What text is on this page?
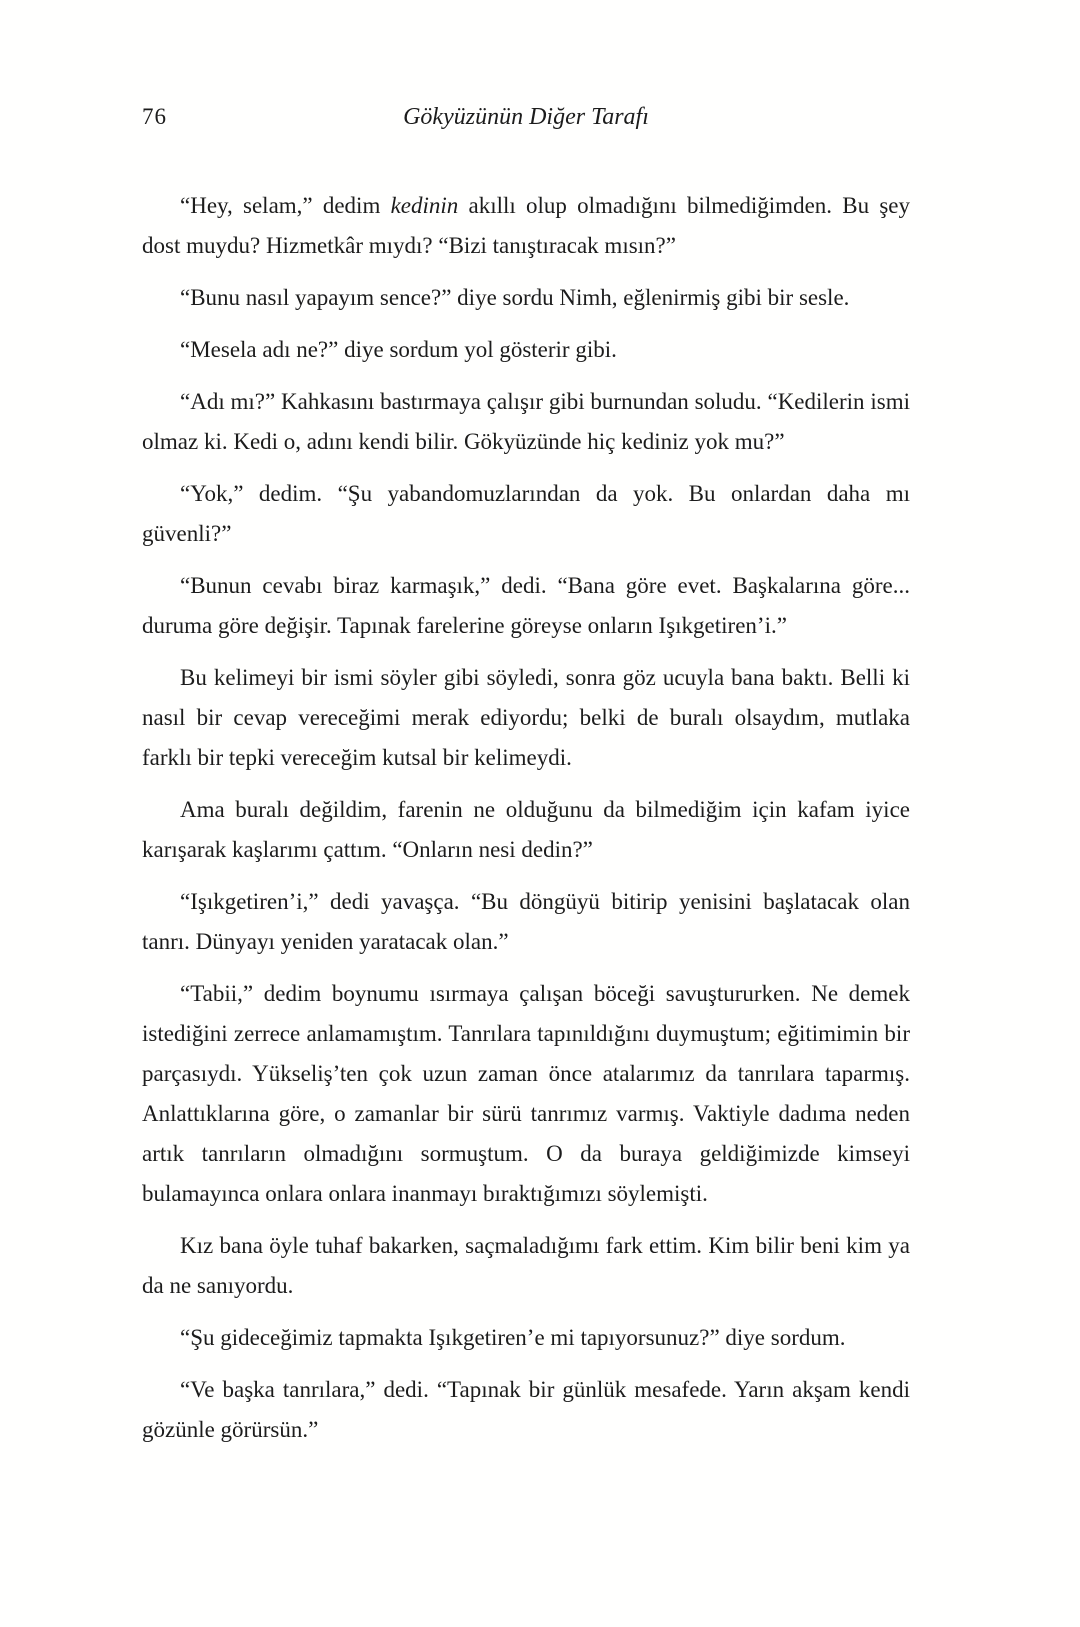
76	Gökyüzünün Diğer Tarafı

“Hey, selam,” dedim kedinin akıllı olup olmadığını bilmediğimden. Bu şey dost muydu? Hizmetkâr mıydı? “Bizi tanıştıracak mısın?”

“Bunu nasıl yapayım sence?” diye sordu Nimh, eğlenirmiş gibi bir sesle.

“Mesela adı ne?” diye sordum yol gösterir gibi.

“Adı mı?” Kahkasını bastırmaya çalışır gibi burnundan soludu. “Kedilerin ismi olmaz ki. Kedi o, adını kendi bilir. Gökyüzünde hiç kediniz yok mu?”

“Yok,” dedim. “Şu yabandomuzlarından da yok. Bu onlardan daha mı güvenli?”

“Bunun cevabı biraz karmaşık,” dedi. “Bana göre evet. Başkalarına göre... duruma göre değişir. Tapınak farelerine göreyse onların Işıkgetiren’i.”

Bu kelimeyi bir ismi söyler gibi söyledi, sonra göz ucuyla bana baktı. Belli ki nasıl bir cevap vereceğimi merak ediyordu; belki de buralı olsaydım, mutlaka farklı bir tepki vereceğim kutsal bir kelimeydi.

Ama buralı değildim, farenin ne olduğunu da bilmediğim için kafam iyice karışarak kaşlarımı çattım. “Onların nesi dedin?”

“Işıkgetiren’i,” dedi yavaşça. “Bu döngüyü bitirip yenisini başlatacak olan tanrı. Dünyayı yeniden yaratacak olan.”

“Tabii,” dedim boynumu ısırmaya çalışan böceği savuştururken. Ne demek istediğini zerrece anlamamıştım. Tanrılara tapınıldığını duymuştum; eğitimimin bir parçasıydı. Yükseliş’ten çok uzun zaman önce atalarımız da tanrılara taparmış. Anlattıklarına göre, o zamanlar bir sürü tanrımız varmış. Vaktiyle dadıma neden artık tanrıların olmadığını sormuştum. O da buraya geldiğimizde kimseyi bulamayınca onlara onlara inanmayı bıraktığımızı söylemişti.

Kız bana öyle tuhaf bakarken, saçmaladığımı fark ettim. Kim bilir beni kim ya da ne sanıyordu.

“Şu gideceğimiz tapmakta Işıkgetiren’e mi tapıyorsunuz?” diye sordum.

“Ve başka tanrılara,” dedi. “Tapınak bir günlük mesafede. Yarın akşam kendi gözünle görürsün.”
